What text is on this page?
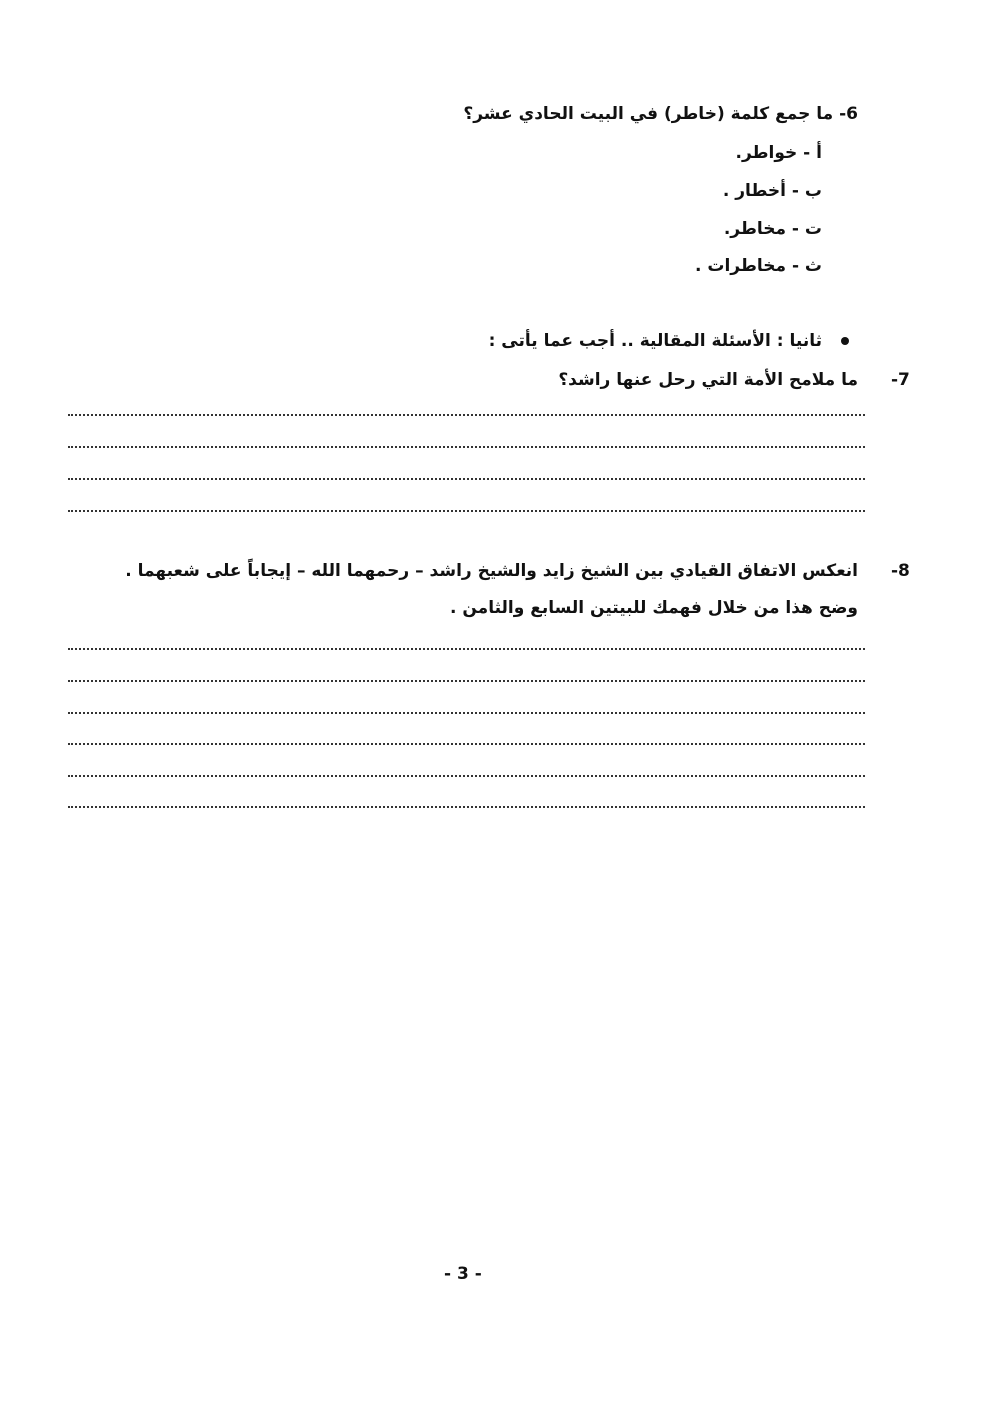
6- ما جمع كلمة (خاطر) في البيت الحادي عشر؟
أ - خواطر.
ب - أخطار .
ت - مخاطر.
ث - مخاطرات .
ثانيا : الأسئلة المقالية .. أجب عما يأتى :
-7
ما ملامح الأمة التي رحل عنها راشد؟
-8
انعكس الاتفاق القيادي بين الشيخ زايد والشيخ راشد – رحمهما الله – إيجاباً على شعبهما .
وضح هذا من خلال فهمك للبيتين السابع والثامن .
- 3 -
